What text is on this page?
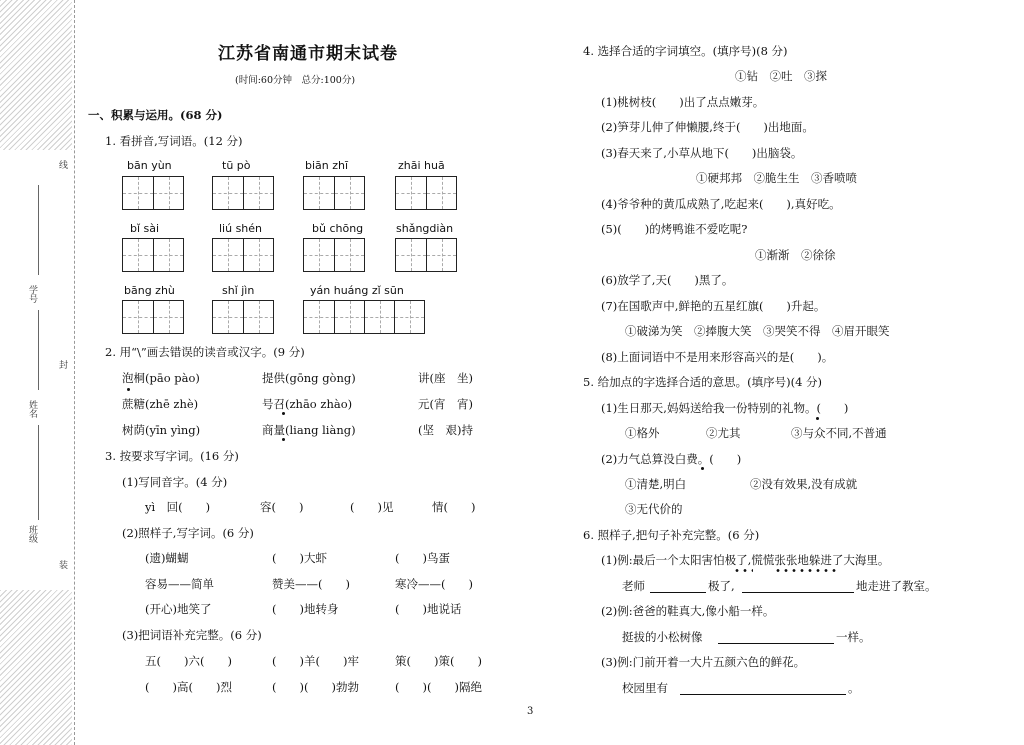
线
封
装
学号
姓名
班级
江苏省南通市期末试卷
(时间:60分钟　总分:100分)
一、积累与运用。(68 分)
1. 看拼音,写词语。(12 分)
bān yùn	tū pò	biān zhī	zhāi huā
bǐ sài	liú shén	bǔ chōng	shǎngdiàn
bāng zhù	shǐ jìn	yán huáng zǐ sūn
2. 用“\”画去错误的读音或汉字。(9 分)
泡桐(pāo pào)	提供(gōng gòng)	讲(座　坐)
蔗糖(zhē zhè)	号召(zhāo zhào)	元(宵　宵)
树荫(yīn yìng)	商量(liang liàng)	(坚　艰)持
3. 按要求写字词。(16 分)
(1)写同音字。(4 分)
yì　回(　　)	容(　　)	(　　)见	情(　　)
(2)照样子,写字词。(6 分)
(遗)蝴蝴	(　　)大虾	(　　)鸟蛋
容易——简单	赞美——(　　)	寒冷——(　　)
(开心)地笑了	(　　)地转身	(　　)地说话
(3)把词语补充完整。(6 分)
五(　　)六(　　)	(　　)羊(　　)牢	策(　　)策(　　)
(　　)高(　　)烈	(　　)(　　)勃勃	(　　)(　　)隔绝
4. 选择合适的字词填空。(填序号)(8 分)
①钻　②吐　③探
(1)桃树枝(　　)出了点点嫩芽。
(2)笋芽儿伸了伸懒腰,终于(　　)出地面。
(3)春天来了,小草从地下(　　)出脑袋。
①硬邦邦　②脆生生　③香喷喷
(4)爷爷种的黄瓜成熟了,吃起来(　　),真好吃。
(5)(　　)的烤鸭谁不爱吃呢?
①渐渐　②徐徐
(6)放学了,天(　　)黑了。
(7)在国歌声中,鲜艳的五星红旗(　　)升起。
①破涕为笑　②捧腹大笑　③哭笑不得　④眉开眼笑
(8)上面词语中不是用来形容高兴的是(　　)。
5. 给加点的字选择合适的意思。(填序号)(4 分)
(1)生日那天,妈妈送给我一份特别的礼物。(　　)
①格外	②尤其	③与众不同,不普通
(2)力气总算没白费。(　　)
①清楚,明白	②没有效果,没有成就
③无代价的
6. 照样子,把句子补充完整。(6 分)
(1)例:最后一个太阳害怕极了,慌慌张张地躲进了大海里。
老师	极了,	地走进了教室。
(2)例:爸爸的鞋真大,像小船一样。
挺拔的小松树像	一样。
(3)例:门前开着一大片五颜六色的鲜花。
校园里有	。
3
